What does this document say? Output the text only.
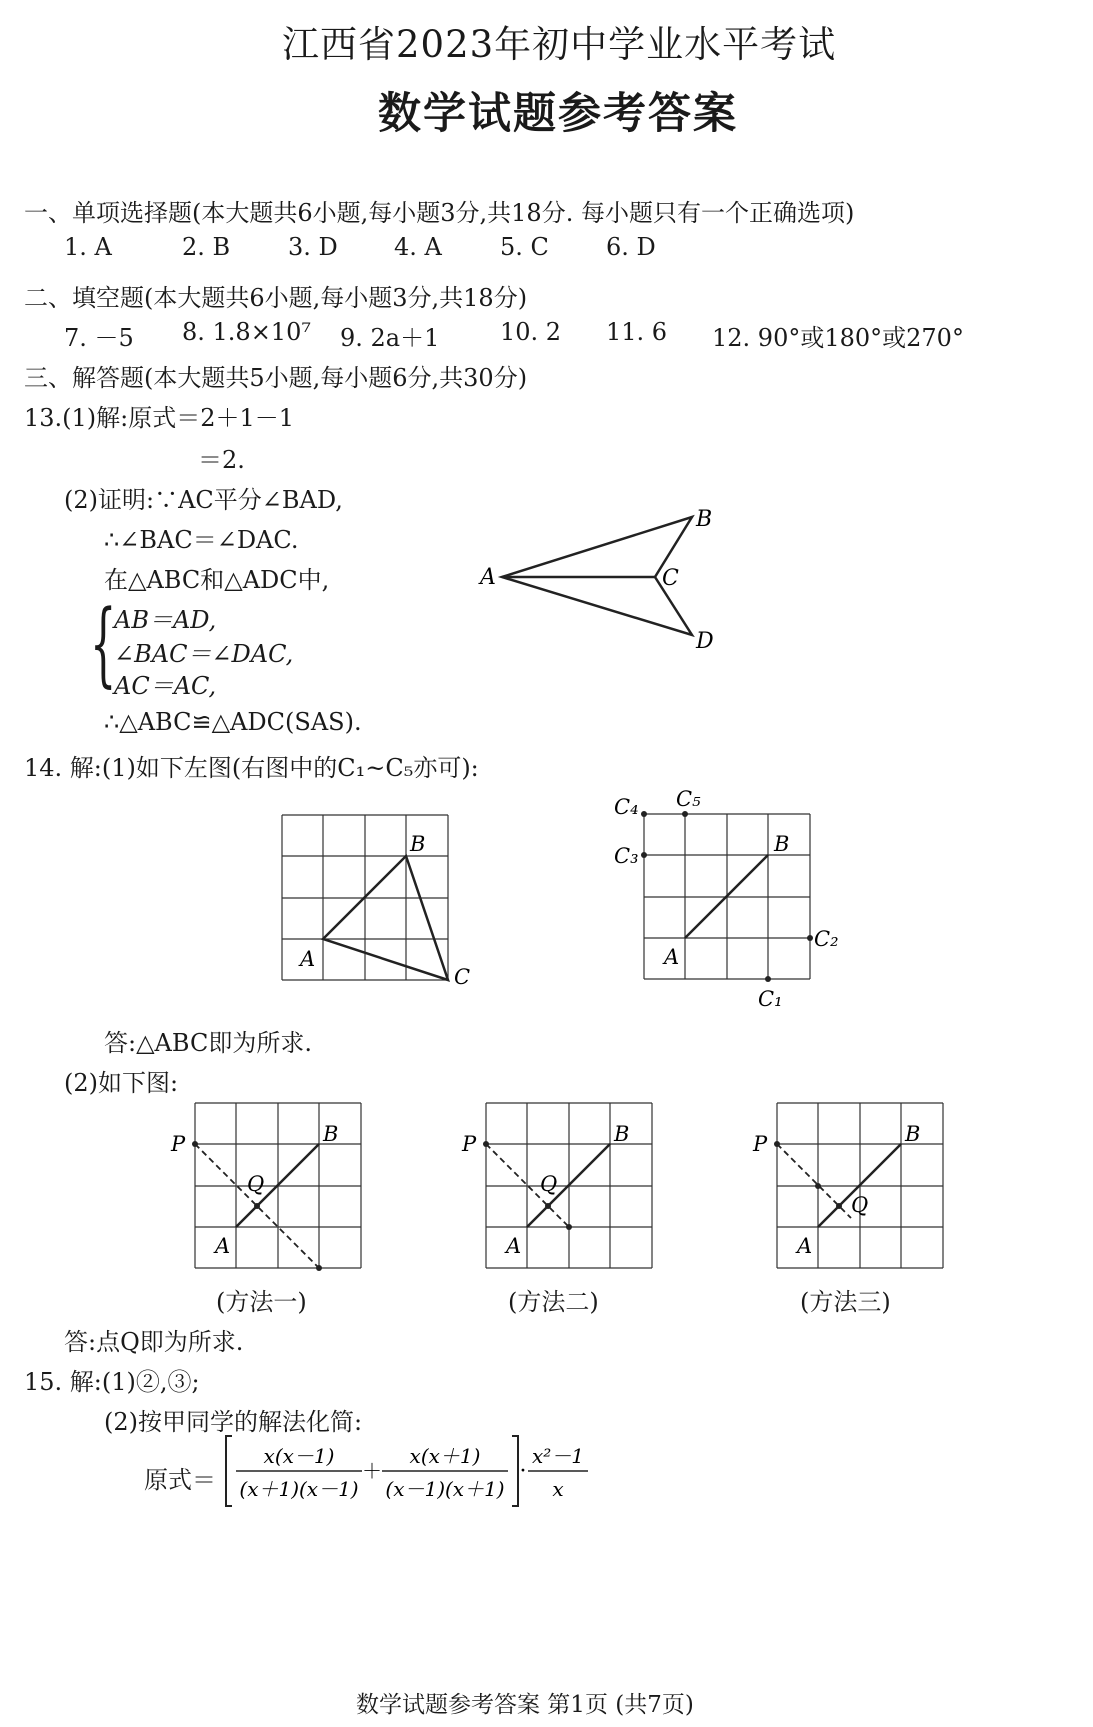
江西省2023年初中学业水平考试
数学试题参考答案
一、单项选择题(本大题共6小题,每小题3分,共18分. 每小题只有一个正确选项)
1. A	2. B 3. D 4. A 5. C 6. D
二、填空题(本大题共6小题,每小题3分,共18分)
7. －5 8. 1.8×10⁷ 9. 2a＋1	10. 2 11. 6 12. 90°或180°或270°
三、解答题(本大题共5小题,每小题6分,共30分)
13.(1)解:原式＝2＋1－1
＝2.
(2)证明:∵AC平分∠BAD,
∴∠BAC＝∠DAC.
在△ABC和△ADC中,
{
AB＝AD,
∠BAC＝∠DAC,
AC＝AC,
∴△ABC≌△ADC(SAS).
A
B
C
D
14. 解:(1)如下左图(右图中的C₁~C₅亦可):
A
B
C
A
B
C₁
C₂
C₃
C₄ C₅
答:△ABC即为所求.
(2)如下图:
P
Q
A
B	P
Q
A
B	P
Q
A
B
(方法一)	(方法二)	(方法三)
答:点Q即为所求.
15. 解:(1)②,③;
(2)按甲同学的解法化简:
原式＝
x(x－1)
(x＋1)(x－1)
＋
x(x＋1)
(x－1)(x＋1)
·
x²－1
x
数学试题参考答案 第1页 (共7页)
